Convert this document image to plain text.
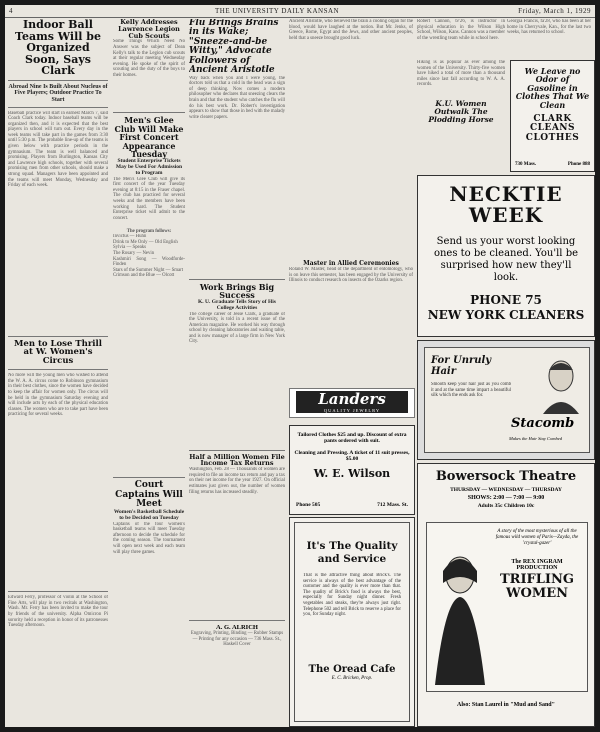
4	THE UNIVERSITY DAILY KANSAN	Friday, March 1, 1929
Indoor Ball Teams Will be Organized Soon, Says Clark
Abroad Nine Is Built About Nucleus of Five Players; Outdoor Practice To Start
Baseball practice will start in earnest March 7, said Coach Clark today. Indoor baseball teams will be organized then, and it is expected that the best players in school will turn out. Every day in the week teams will take part in the games from 3:30 until 5:30 p.m. The probable line-up of the teams is given below with practice periods in the gymnasium. The team is well balanced and promising. Players from Burlington, Kansas City and Lawrence high schools, together with several promising men from other schools, should make a strong squad. Managers have been appointed and the teams will meet Monday, Wednesday and Friday of each week.
Men to Lose Thrill at W. Women's Circus
No more will the young men who wished to attend the W. A. A. circus come to Robinson gymnasium in their best clothes, since the women have decided to keep the affair for women only. The circus will be held in the gymnasium Saturday evening and will include acts by each of the physical education classes. The women who are to take part have been practicing for several weeks.
Edward Ferry, professor of violin at the School of Fine Arts, will play in two recitals at Washington, Wash. Mr. Ferry has been invited to make the tour by friends of the university. Alpha Omicron Pi sorority held a reception in honor of its patronesses Tuesday afternoon.
Kelly Addresses Lawrence Legion Cub Scouts
Some Things Which Need No Answer was the subject of Dean Kelly's talk to the Legion cub scouts at their regular meeting Wednesday evening. He spoke of the spirit of scouting and the duty of the boys to their homes.
Men's Glee Club Will Make First Concert Appearance Tuesday
Student Enterprise Tickets May be Used For Admission to Program
The Men's Glee Club will give its first concert of the year Tuesday evening at 8:15 in the Fraser chapel. The club has practiced for several weeks and the members have been working hard. The Student Enterprise ticket will admit to the concert.
The program follows:
Invictus — Huhn
Drink to Me Only — Old English
Sylvia — Speaks
The Rosary — Nevin
Kashmiri Song — Woodforde-Finden
Stars of the Summer Night — Smart
Crimson and the Blue — Olcott
Court Captains Will Meet
Women's Basketball Schedule to be Decided on Tuesday
Captains of the four women's basketball teams will meet Tuesday afternoon to decide the schedule for the coming season. The tournament will open next week and each team will play three games.
Flu Brings Brains in its Wake; "Sneeze-and-be Witty," Advocate Followers of Ancient Aristotle
Way back when you and I were young, the doctors told us that a cold in the head was a sign of deep thinking. Now comes a modern philosopher who declares that sneezing clears the brain and that the student who catches the flu will do his best work. Dr. Robert's investigation appears to show that those in bed with the malady write clearer papers.
Work Brings Big Success
K. U. Graduate Tells Story of His College Activities
The college career of Jesse Clark, a graduate of the University, is told in a recent issue of the American magazine. He worked his way through school by cleaning laboratories and waiting table, and is now manager of a large firm in New York City.
Half a Million Women File Income Tax Returns
Washington, Feb. 28 — Thousands of women are required to file an income tax return and pay a tax on their net income for the year 1927. On official estimates just given out, the number of women filing returns has increased steadily.
A. G. ALRICH
Engraving, Printing, Binding — Rubber Stamps — Printing for any occasion — 736 Mass. St., Haskell Cover
Ancient Aristotle, who believed the brain a cooling organ for the blood, would have laughed at the notion. But Mr. Jenks, of Greece, Rome, Egypt and the Jews, and other ancient peoples, held that a sneeze brought good luck.
Master in Allied Ceremonies
Roland W. Master, head of the department of entomology, who is on leave this semester, has been engaged by the University of Illinois to conduct research on insects of the Ozarks region.
Landers
QUALITY JEWELRY
Tailored Clothes $25 and up. Discount of extra pants ordered with suit.
Cleaning and Pressing. A ticket of 11 suit presses, $5.00
W. E. Wilson
Phone 505	712 Mass. St.
It's The Quality
and Service
That is the attractive thing about Brick's. The service is always of the best advantage of the customer and the quality is ever more than that. The quality of Brick's food is always the best, especially for Sunday night dinner. Fresh vegetables and steaks, they're always just right. Telephone 502 and tell Brick to reserve a place for you, for Sunday night.
The Oread Cafe
E. C. Bricken, Prop.
Robert Cannon, b/'26, is instructor in physical education in the Wilson High School, Wilson, Kans. Cannon was a member of the wrestling team while in school here.
Georgia Francis, fa'28, who has been at her home in Cherryvale, Kan., for the last two weeks, has returned to school.
Hiking is as popular as ever among the women of the University. Thirty-five women have hiked a total of more than a thousand miles since last fall according to W. A. A. records.
K.U. Women Outwalk The Plodding Horse
We Leave no Odor of Gasoline in Clothes That We Clean
CLARK CLEANS CLOTHES
730 Mass.	Phone 888
NECKTIE WEEK
Send us your worst looking ones to be cleaned. You'll be surprised how new they'll look.
PHONE 75
NEW YORK CLEANERS
For Unruly Hair
Smooth keep your hair just as you comb it and at the same time impart a beautiful silk which the ends ask for.
Stacomb
Makes the Hair Stay Combed
Bowersock Theatre
THURSDAY — WEDNESDAY — THURSDAY
SHOWS: 2:00 — 7:00 — 9:00
Adults 35c Children 10c
A story of the most mysterious of all the famous wild women of Paris—Zayda, the 'crystal-gazer'
The REX INGRAM PRODUCTION
TRIFLING WOMEN
Also: Stan Laurel in "Mud and Sand"
